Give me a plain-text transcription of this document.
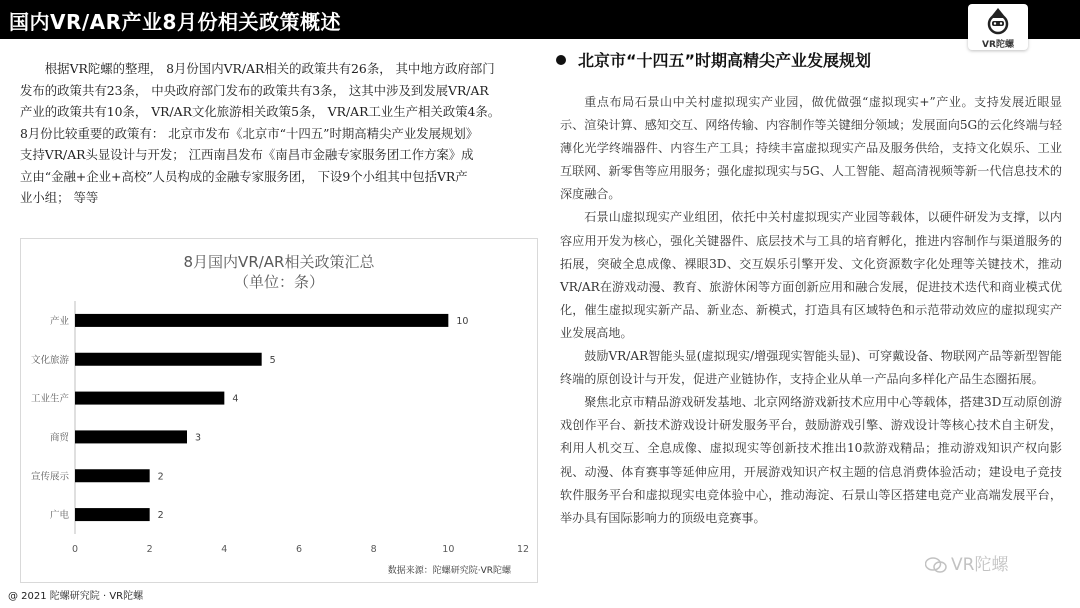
国内VR/AR产业8月份相关政策概述
VR陀螺

根据VR陀螺的整理， 8月份国内VR/AR相关的政策共有26条， 其中地方政府部门

发布的政策共有23条， 中央政府部门发布的政策共有3条， 这其中涉及到发展VR/AR

产业的政策共有10条， VR/AR文化旅游相关政策5条， VR/AR工业生产相关政策4条。

8月份比较重要的政策有： 北京市发布《北京市“十四五”时期高精尖产业发展规划》

支持VR/AR头显设计与开发； 江西南昌发布《南昌市金融专家服务团工作方案》成

立由“金融+企业+高校”人员构成的金融专家服务团， 下设9个小组其中包括VR产

业小组； 等等

8月国内VR/AR相关政策汇总
（单位：条）
0	2	4	6	8	10	12
产业	10
文化旅游	5
工业生产	4
商贸	3
宣传展示	2
广电	2
数据来源：陀螺研究院·VR陀螺
北京市“十四五”时期高精尖产业发展规划

重点布局石景山中关村虚拟现实产业园，做优做强“虚拟现实+”产业。支持发展近眼显示、渲染计算、感知交互、网络传输、内容制作等关键细分领域；发展面向5G的云化终端与轻薄化光学终端器件、内容生产工具；持续丰富虚拟现实产品及服务供给，支持文化娱乐、工业互联网、新零售等应用服务；强化虚拟现实与5G、人工智能、超高清视频等新一代信息技术的深度融合。

石景山虚拟现实产业组团，依托中关村虚拟现实产业园等载体，以硬件研发为支撑，以内容应用开发为核心，强化关键器件、底层技术与工具的培育孵化，推进内容制作与渠道服务的拓展，突破全息成像、裸眼3D、交互娱乐引擎开发、文化资源数字化处理等关键技术，推动VR/AR在游戏动漫、教育、旅游休闲等方面创新应用和融合发展，促进技术迭代和商业模式优化，催生虚拟现实新产品、新业态、新模式，打造具有区域特色和示范带动效应的虚拟现实产业发展高地。

鼓励VR/AR智能头显(虚拟现实/增强现实智能头显)、可穿戴设备、物联网产品等新型智能终端的原创设计与开发，促进产业链协作，支持企业从单一产品向多样化产品生态圈拓展。

聚焦北京市精品游戏研发基地、北京网络游戏新技术应用中心等载体，搭建3D互动原创游戏创作平台、新技术游戏设计研发服务平台，鼓励游戏引擎、游戏设计等核心技术自主研发，利用人机交互、全息成像、虚拟现实等创新技术推出10款游戏精品；推动游戏知识产权向影视、动漫、体育赛事等延伸应用，开展游戏知识产权主题的信息消费体验活动；建设电子竞技软件服务平台和虚拟现实电竞体验中心，推动海淀、石景山等区搭建电竞产业高端发展平台，举办具有国际影响力的顶级电竞赛事。

@ 2021 陀螺研究院 · VR陀螺
VR陀螺
